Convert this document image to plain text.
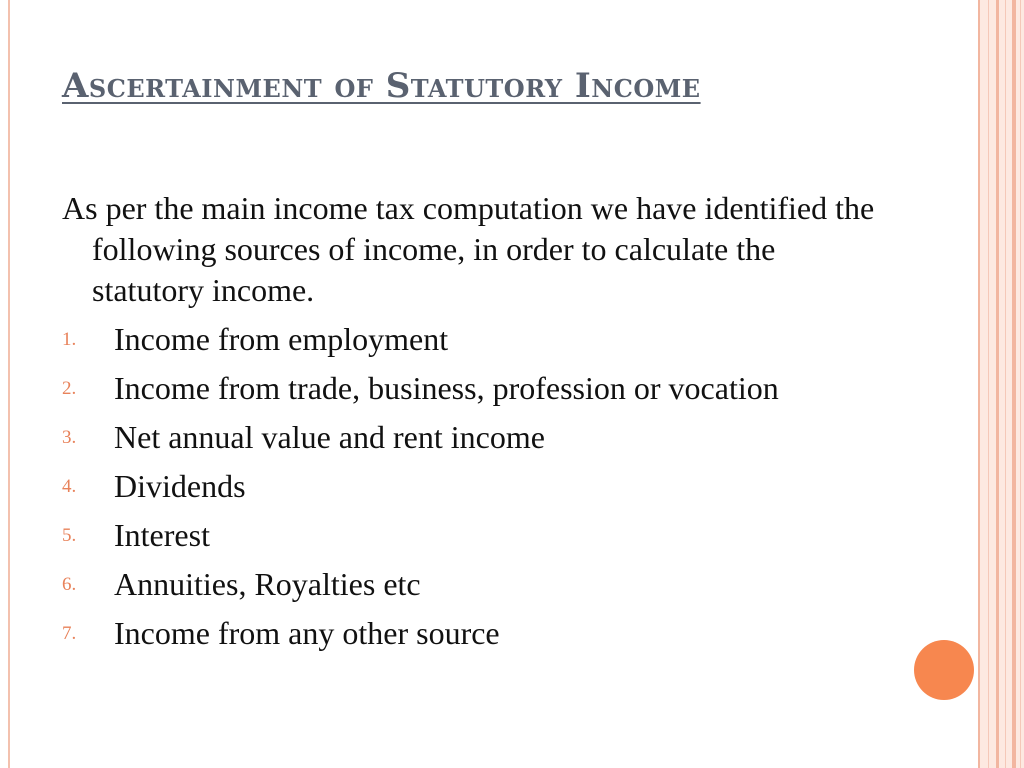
Ascertainment of Statutory Income

As per the main income tax computation we have identified the following sources of income, in order to calculate the statutory income.

1. Income from employment
2. Income from trade, business, profession or vocation
3. Net annual value and rent income
4. Dividends
5. Interest
6. Annuities, Royalties etc
7. Income from any other source
